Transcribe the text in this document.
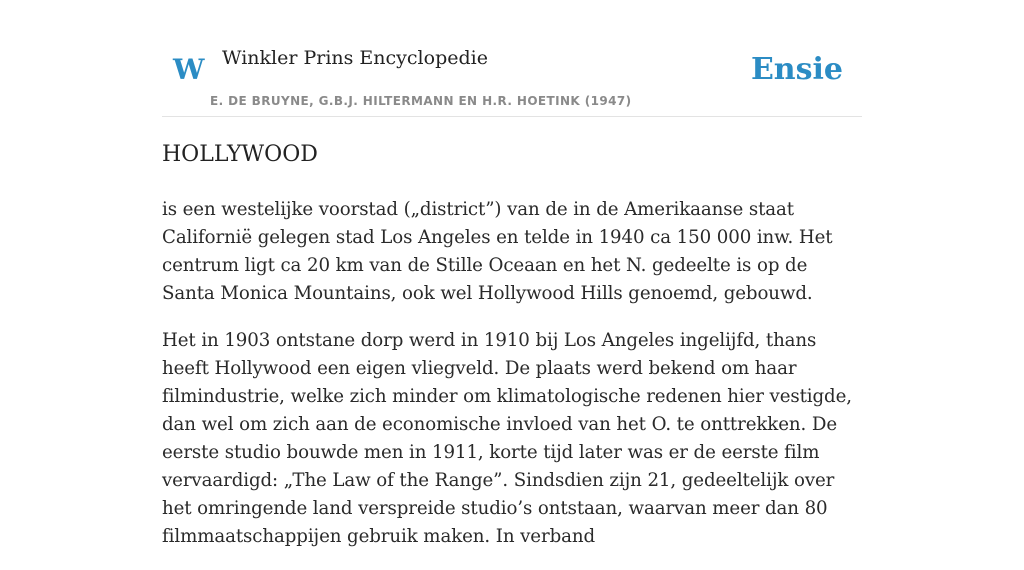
W Winkler Prins Encyclopedie
E. DE BRUYNE, G.B.J. HILTERMANN EN H.R. HOETINK (1947)
Ensie
HOLLYWOOD

is een westelijke voorstad („district”) van de in de Amerikaanse staat Californië gelegen stad Los Angeles en telde in 1940 ca 150 000 inw. Het centrum ligt ca 20 km van de Stille Oceaan en het N. gedeelte is op de Santa Monica Mountains, ook wel Hollywood Hills genoemd, gebouwd.

Het in 1903 ontstane dorp werd in 1910 bij Los Angeles ingelijfd, thans heeft Hollywood een eigen vliegveld. De plaats werd bekend om haar filmindustrie, welke zich minder om klimatologische redenen hier vestigde, dan wel om zich aan de economische invloed van het O. te onttrekken. De eerste studio bouwde men in 1911, korte tijd later was er de eerste film vervaardigd: „The Law of the Range”. Sindsdien zijn 21, gedeeltelijk over het omringende land verspreide studio’s ontstaan, waarvan meer dan 80 filmmaatschappijen gebruik maken. In verband
